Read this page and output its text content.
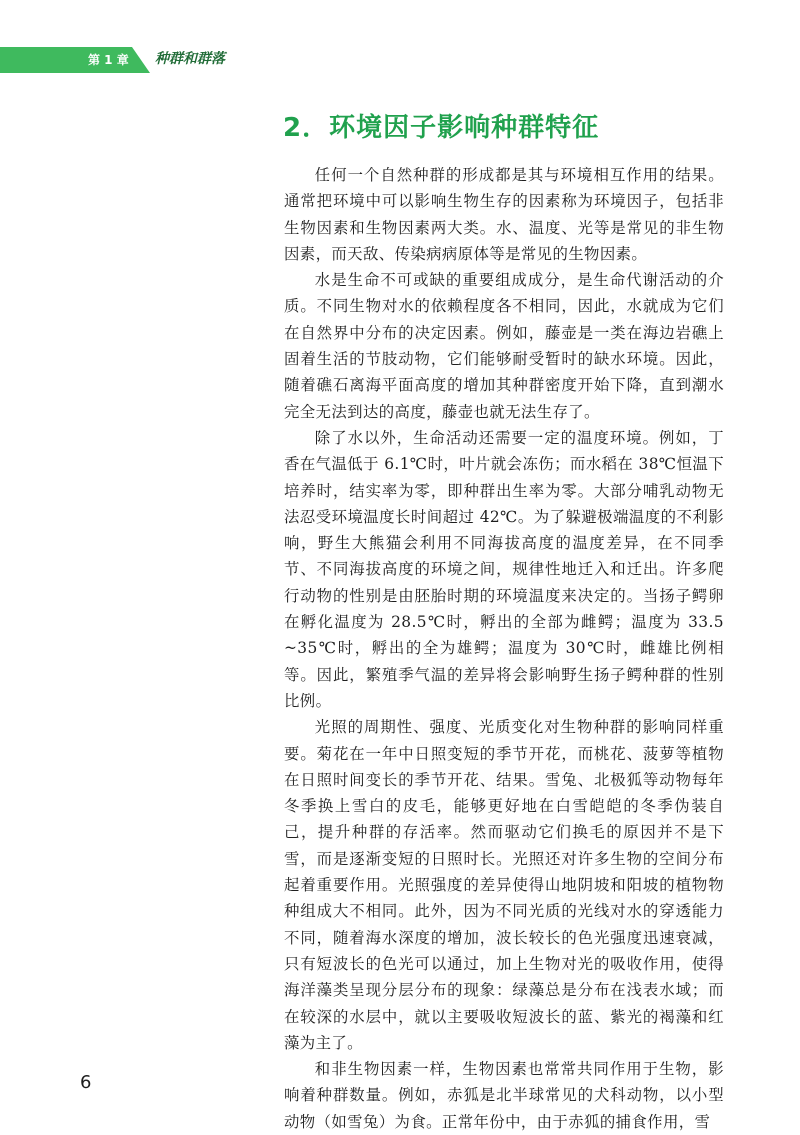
第 1 章 种群和群落
2．环境因子影响种群特征

任何一个自然种群的形成都是其与环境相互作用的结果。通常把环境中可以影响生物生存的因素称为环境因子，包括非生物因素和生物因素两大类。水、温度、光等是常见的非生物因素，而天敌、传染病病原体等是常见的生物因素。

水是生命不可或缺的重要组成成分，是生命代谢活动的介质。不同生物对水的依赖程度各不相同，因此，水就成为它们在自然界中分布的决定因素。例如，藤壶是一类在海边岩礁上固着生活的节肢动物，它们能够耐受暂时的缺水环境。因此，随着礁石离海平面高度的增加其种群密度开始下降，直到潮水完全无法到达的高度，藤壶也就无法生存了。

除了水以外，生命活动还需要一定的温度环境。例如，丁香在气温低于 6.1℃时，叶片就会冻伤；而水稻在 38℃恒温下培养时，结实率为零，即种群出生率为零。大部分哺乳动物无法忍受环境温度长时间超过 42℃。为了躲避极端温度的不利影响，野生大熊猫会利用不同海拔高度的温度差异，在不同季节、不同海拔高度的环境之间，规律性地迁入和迁出。许多爬行动物的性别是由胚胎时期的环境温度来决定的。当扬子鳄卵在孵化温度为 28.5℃时，孵出的全部为雌鳄；温度为 33.5 ~35℃时，孵出的全为雄鳄；温度为 30℃时，雌雄比例相等。因此，繁殖季气温的差异将会影响野生扬子鳄种群的性别比例。

光照的周期性、强度、光质变化对生物种群的影响同样重要。菊花在一年中日照变短的季节开花，而桃花、菠萝等植物在日照时间变长的季节开花、结果。雪兔、北极狐等动物每年冬季换上雪白的皮毛，能够更好地在白雪皑皑的冬季伪装自己，提升种群的存活率。然而驱动它们换毛的原因并不是下雪，而是逐渐变短的日照时长。光照还对许多生物的空间分布起着重要作用。光照强度的差异使得山地阴坡和阳坡的植物物种组成大不相同。此外，因为不同光质的光线对水的穿透能力不同，随着海水深度的增加，波长较长的色光强度迅速衰减，只有短波长的色光可以通过，加上生物对光的吸收作用，使得海洋藻类呈现分层分布的现象：绿藻总是分布在浅表水域；而在较深的水层中，就以主要吸收短波长的蓝、紫光的褐藻和红藻为主了。

和非生物因素一样，生物因素也常常共同作用于生物，影响着种群数量。例如，赤狐是北半球常见的犬科动物，以小型动物（如雪兔）为食。正常年份中，由于赤狐的捕食作用，雪

6
